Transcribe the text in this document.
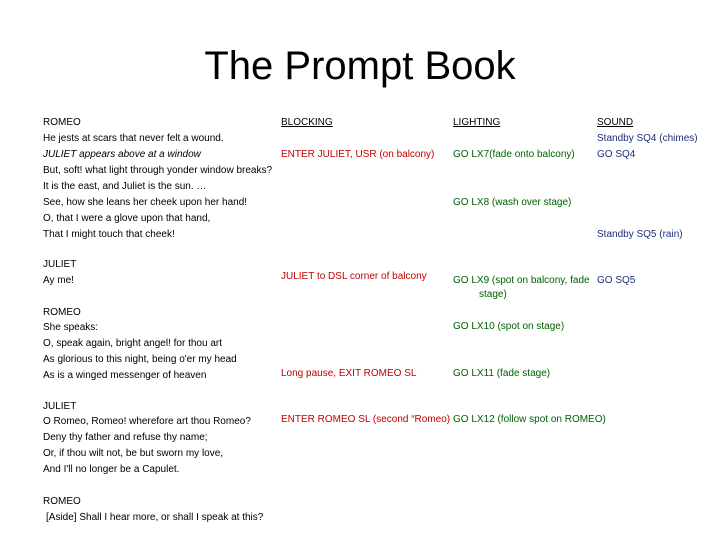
The Prompt Book
BLOCKING	LIGHTING	SOUND
ROMEO
He jests at scars that never felt a wound.
JULIET appears above at a window
But, soft! what light through yonder window breaks?
It is the east, and Juliet is the sun. …
See, how she leans her cheek upon her hand!
O, that I were a glove upon that hand,
That I might touch that cheek!
JULIET
Ay me!
ROMEO
She speaks:
O, speak again, bright angel! for thou art
As glorious to this night, being o'er my head
As is a winged messenger of heaven
JULIET
O Romeo, Romeo! wherefore art thou Romeo?
Deny thy father and refuse thy name;
Or, if thou wilt not, be but sworn my love,
And I'll no longer be a Capulet.
ROMEO
[Aside] Shall I hear more, or shall I speak at this?
ENTER JULIET, USR (on balcony)
JULIET to DSL corner of balcony
Long pause, EXIT ROMEO SL
ENTER ROMEO SL (second “Romeo)
GO LX7(fade onto balcony)
GO LX8 (wash over stage)
GO LX9 (spot on balcony, fade
stage)
GO LX10 (spot on stage)
GO LX11 (fade stage)
GO LX12 (follow spot on ROMEO)
Standby SQ4 (chimes)
GO SQ4
Standby SQ5 (rain)
GO SQ5
